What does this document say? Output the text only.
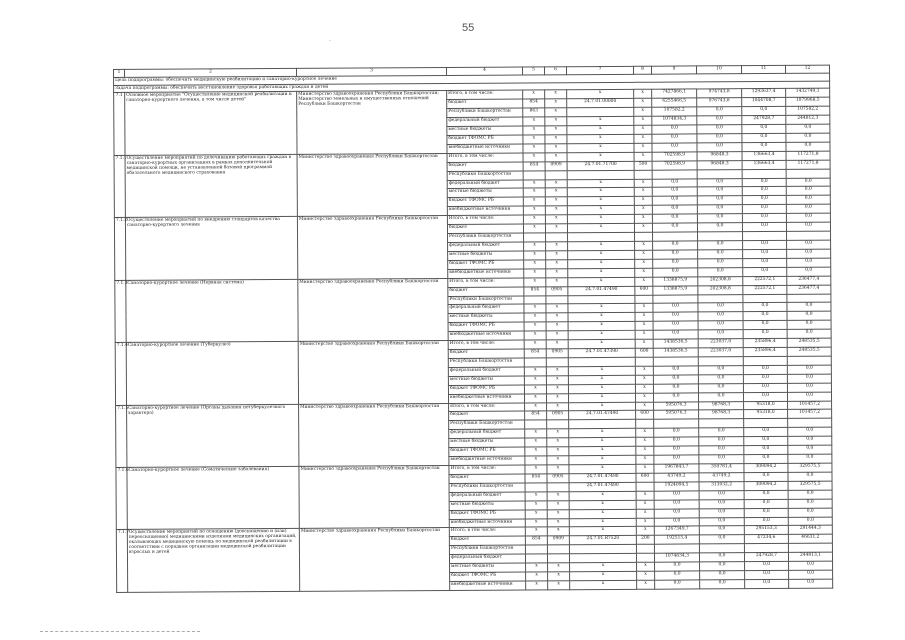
55
·
1	2	3	4	5	6	7	8	9	10	11	12
Цель подпрограммы: обеспечить медицинскую реабилитацию и санаторно-курортное лечение											
Задача подпрограммы: обеспечить восстановление здоровья работающих граждан и детей											
7.1	Основное мероприятие "Осуществление медицинской реабилитации и санаторно-курортного лечения, в том числе детей"	Министерство здравоохранения Республики Башкортостан; Министерство земельных и имущественных отношений Республики Башкортостан	Итого, в том числе:	x	x	x	x	7427866,1	974743,8	1293637,4	1432749,1
			бюджет	854	x	24.7.01.00000	x	6255466,5	976743,8	1044708,7	1079968,5
			Республики Башкортостан	863	x		x	107582,2	0,0	0,0	107582,2
			федеральный бюджет	x	x	x	x	1074834,3	0,0	247928,7	244812,3
			местные бюджеты	x	x	x	x	0,0	0,0	0,0	0,0
			бюджет ТФОМС РБ	x	x	x	x	0,0	0,0	0,0	0,0
			внебюджетные источники	x	x	x	x	0,0	0,0	0,0	0,0
7.1.1	Осуществление мероприятий по долечиванию работающих граждан в санаторно-курортных организациях в рамках дополнительной медицинской помощи, не установленной базовой программой обязательного медицинского страхования	Министерство здравоохранения Республики Башкортостан	Итого, в том числе:	x	x	x	x	702598,9	96848,3	136663,4	117271,8
			бюджет	854	0909	24.7.01.71700	500	702598,9	96848,3	136663,4	117271,8
			Республики Башкортостан								
			федеральный бюджет	x	x	x	x	0,0	0,0	0,0	0,0
			местные бюджеты	x	x	x	x	0,0	0,0	0,0	0,0
			бюджет ТФОМС РБ	x	x	x	x	0,0	0,0	0,0	0,0
			внебюджетные источники	x	x	x	x	0,0	0,0	0,0	0,0
7.1.2	Осуществление мероприятий по внедрению стандартов качества санаторно-курортного лечения	Министерство здравоохранения Республики Башкортостан	Итого, в том числе:	x	x	x	x	0,0	0,0	0,0	0,0
			бюджет	x	x	x	x	0,0	0,0	0,0	0,0
			Республики Башкортостан								
			федеральный бюджет	x	x	x	x	0,0	0,0	0,0	0,0
			местные бюджеты	x	x	x	x	0,0	0,0	0,0	0,0
			бюджет ТФОМС РБ	x	x	x	x	0,0	0,0	0,0	0,0
			внебюджетные источники	x	x	x	x	0,0	0,0	0,0	0,0
7.1.3	Санаторно-курортное лечение (Нервная система)	Министерство здравоохранения Республики Башкортостан	Итого, в том числе:	x	x	x	x	1338875,9	202308,8	222572,1	236477,4
			бюджет	854	0905	24.7.01.47490	600	1338875,9	202308,8	222572,1	236477,4
			Республики Башкортостан								
			федеральный бюджет	x	x	x	x	0,0	0,0	0,0	0,0
			местные бюджеты	x	x	x	x	0,0	0,0	0,0	0,0
			бюджет ТФОМС РБ	x	x	x	x	0,0	0,0	0,0	0,0
			внебюджетные источники	x	x	x	x	0,0	0,0	0,0	0,0
7.1.4	Санаторно-курортное лечение (Туберкулез)	Министерство здравоохранения Республики Башкортостан	Итого, в том числе:	x	x	x	x	1438536,5	223037,0	235896,4	248535,5
			бюджет	854	0905	24.7.01.47390	600	1438536,5	223037,0	235896,4	248535,5
			Республики Башкортостан								
			федеральный бюджет	x	x	x	x	0,0	0,0	0,0	0,0
			местные бюджеты	x	x	x	x	0,0	0,0	0,0	0,0
			бюджет ТФОМС РБ	x	x	x	x	0,0	0,0	0,0	0,0
			внебюджетные источники	x	x	x	x	0,0	0,0	0,0	0,0
7.1.5	Санаторно-курортное лечение (Органы дыхания нетуберкулезного характера)	Министерство здравоохранения Республики Башкортостан	Итого, в том числе:	x	x	x	x	595076,3	98768,3	95318,0	101457,2
			бюджет	854	0905	24.7.01.47490	600	595076,3	98768,3	95318,0	101457,2
			Республики Башкортостан								
			федеральный бюджет	x	x	x	x	0,0	0,0	0,0	0,0
			местные бюджеты	x	x	x	x	0,0	0,0	0,0	0,0
			бюджет ТФОМС РБ	x	x	x	x	0,0	0,0	0,0	0,0
			внебюджетные источники	x	x	x	x	0,0	0,0	0,0	0,0
7.1.6	Санаторно-курортное лечение (Соматические заболевания)	Министерство здравоохранения Республики Башкортостан	Итого, в том числе:	x	x	x	x	1967843,7	359781,4	309094,2	329575,5
			бюджет	854	0905	24.7.01.47490	600	43749,2	43749,2	0,0	0,0
			Республики Башкортостан			24.7.01.47490		1924094,5	313032,2	309094,2	329575,5
			федеральный бюджет	x	x	x	x	0,0	0,0	0,0	0,0
			местные бюджеты	x	x	x	x	0,0	0,0	0,0	0,0
			бюджет ТФОМС РБ	x	x	x	x	0,0	0,0	0,0	0,0
			внебюджетные источники	x	x	x	x	0,0	0,0	0,0	0,0
7.1.7	Осуществление мероприятий по оснащению (дооснащению и (или) переоснащению) медицинскими изделиями медицинских организаций, оказывающих медицинскую помощь по медицинской реабилитации в соответствии с порядком организации медицинской реабилитации взрослых и детей	Министерство здравоохранения Республики Башкортостан	Итого, в том числе:	x	x	x	x	1267349,7	0,0	295153,3	291444,3
			бюджет	854	0909	24.7.01.R7520	200	192515,4	0,0	47234,6	46631,2
			Республики Башкортостан								
			федеральный бюджет					1074834,3	0,0	247928,7	244813,1
			местные бюджеты	x	x	x	x	0,0	0,0	0,0	0,0
			бюджет ТФОМС РБ	x	x	x	x	0,0	0,0	0,0	0,0
			внебюджетные источники	x	x	x	x	0,0	0,0	0,0	0,0
